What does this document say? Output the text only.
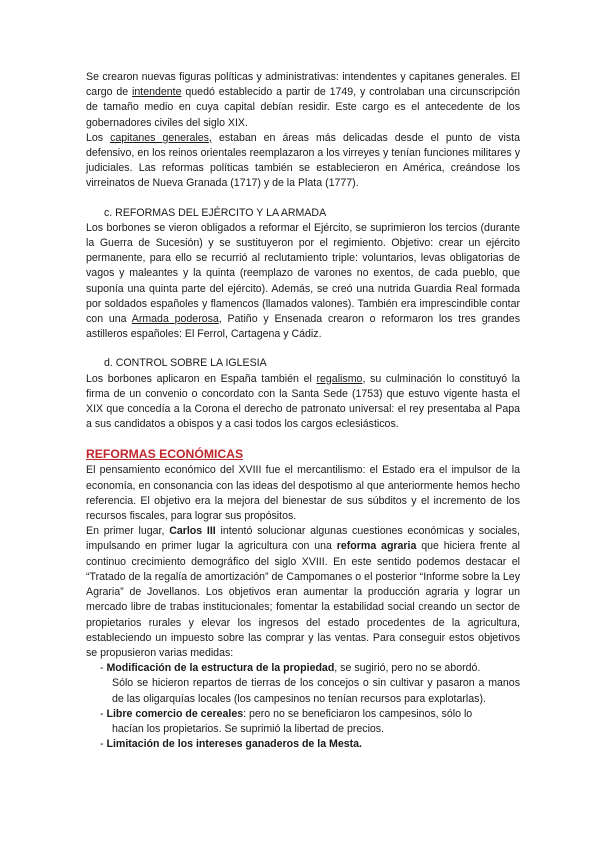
Se crearon nuevas figuras políticas y administrativas: intendentes y capitanes generales. El cargo de intendente quedó establecido a partir de 1749, y controlaban una circunscripción de tamaño medio en cuya capital debían residir. Este cargo es el antecedente de los gobernadores civiles del siglo XIX.

Los capitanes generales, estaban en áreas más delicadas desde el punto de vista defensivo, en los reinos orientales reemplazaron a los virreyes y tenían funciones militares y judiciales. Las reformas políticas también se establecieron en América, creándose los virreinatos de Nueva Granada (1717) y de la Plata (1777).

c. REFORMAS DEL EJÉRCITO Y LA ARMADA

Los borbones se vieron obligados a reformar el Ejército, se suprimieron los tercios (durante la Guerra de Sucesión) y se sustituyeron por el regimiento. Objetivo: crear un ejército permanente, para ello se recurrió al reclutamiento triple: voluntarios, levas obligatorias de vagos y maleantes y la quinta (reemplazo de varones no exentos, de cada pueblo, que suponía una quinta parte del ejército). Además, se creó una nutrida Guardia Real formada por soldados españoles y flamencos (llamados valones). También era imprescindible contar con una Armada poderosa, Patiño y Ensenada crearon o reformaron los tres grandes astilleros españoles: El Ferrol, Cartagena y Cádiz.

d. CONTROL SOBRE LA IGLESIA

Los borbones aplicaron en España también el regalismo, su culminación lo constituyó la firma de un convenio o concordato con la Santa Sede (1753) que estuvo vigente hasta el XIX que concedía a la Corona el derecho de patronato universal: el rey presentaba al Papa a sus candidatos a obispos y a casi todos los cargos eclesiásticos.

REFORMAS ECONÓMICAS

El pensamiento económico del XVIII fue el mercantilismo: el Estado era el impulsor de la economía, en consonancia con las ideas del despotismo al que anteriormente hemos hecho referencia. El objetivo era la mejora del bienestar de sus súbditos y el incremento de los recursos fiscales, para lograr sus propósitos.

En primer lugar, Carlos III intentó solucionar algunas cuestiones económicas y sociales, impulsando en primer lugar la agricultura con una reforma agraria que hiciera frente al continuo crecimiento demográfico del siglo XVIII. En este sentido podemos destacar el “Tratado de la regalía de amortización” de Campomanes o el posterior “Informe sobre la Ley Agraria” de Jovellanos. Los objetivos eran aumentar la producción agraria y lograr un mercado libre de trabas institucionales; fomentar la estabilidad social creando un sector de propietarios rurales y elevar los ingresos del estado procedentes de la agricultura, estableciendo un impuesto sobre las comprar y las ventas. Para conseguir estos objetivos se propusieron varias medidas:

- Modificación de la estructura de la propiedad, se sugirió, pero no se abordó.

Sólo se hicieron repartos de tierras de los concejos o sin cultivar y pasaron a manos de las oligarquías locales (los campesinos no tenían recursos para explotarlas).

- Libre comercio de cereales: pero no se beneficiaron los campesinos, sólo lo

hacían los propietarios. Se suprimió la libertad de precios.

- Limitación de los intereses ganaderos de la Mesta.
